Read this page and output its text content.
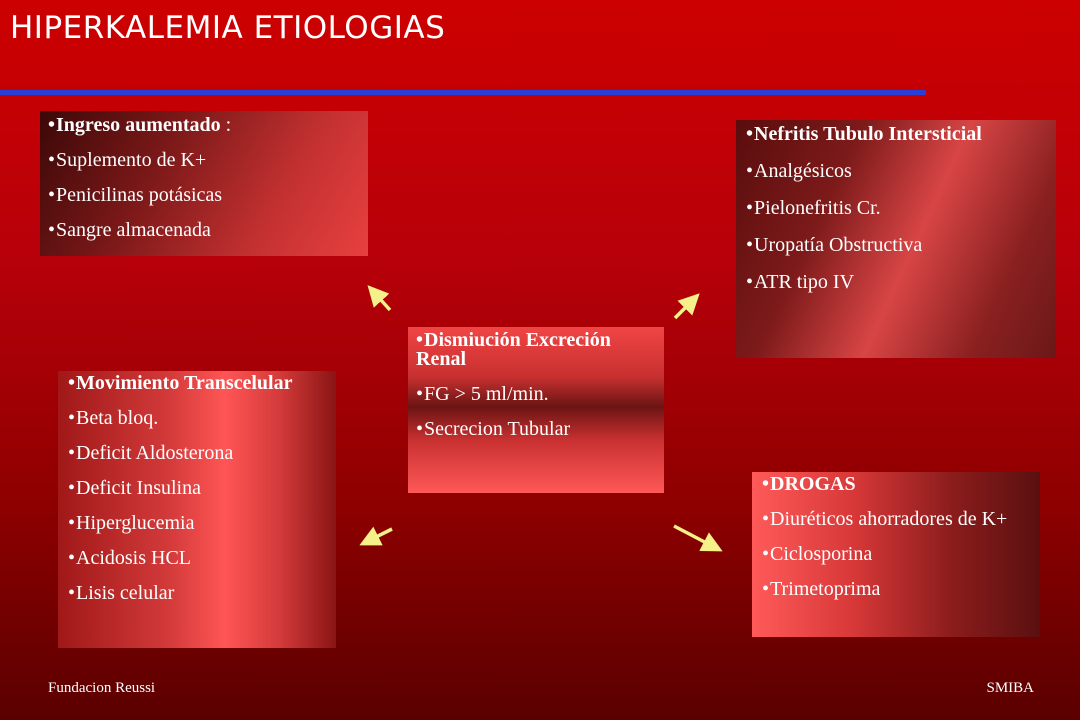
HIPERKALEMIA ETIOLOGIAS
•Ingreso aumentado :
•Suplemento de K+
•Penicilinas potásicas
•Sangre almacenada
•Nefritis Tubulo Intersticial
•Analgésicos
•Pielonefritis Cr.
•Uropatía Obstructiva
•ATR tipo IV
•Dismiución Excreción Renal
•FG > 5 ml/min.
•Secrecion Tubular
•Movimiento Transcelular
•Beta bloq.
•Deficit Aldosterona
•Deficit Insulina
•Hiperglucemia
•Acidosis HCL
•Lisis celular
•DROGAS
•Diuréticos ahorradores de K+
•Ciclosporina
•Trimetoprima
Fundacion Reussi	SMIBA
